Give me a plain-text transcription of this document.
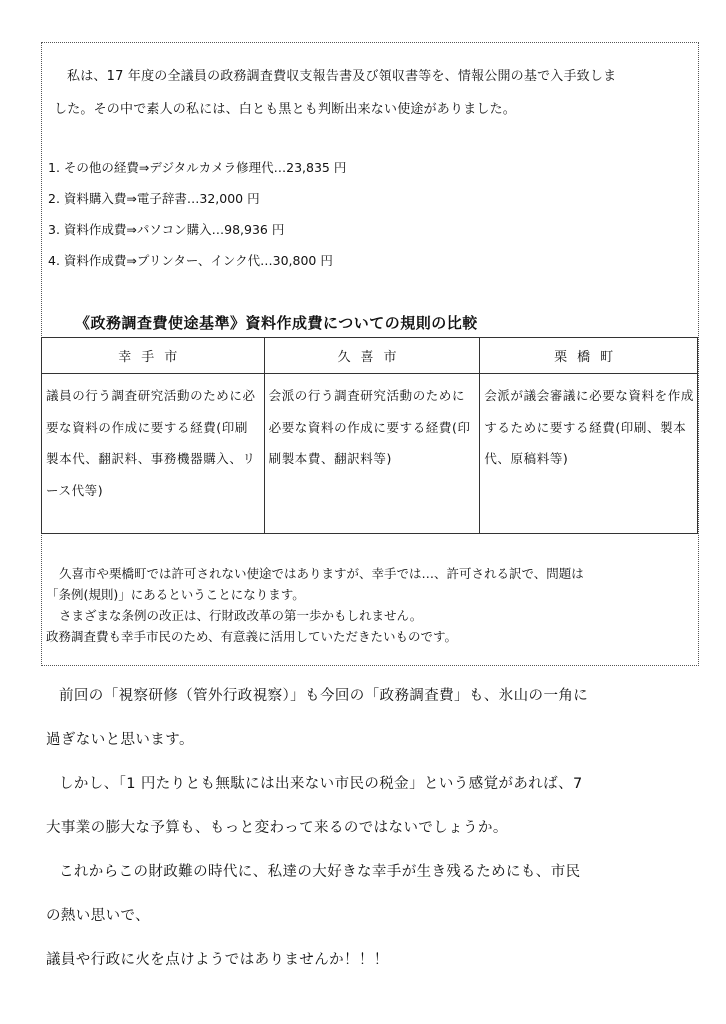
私は、17 年度の全議員の政務調査費収支報告書及び領収書等を、情報公開の基で入手致しま

した。その中で素人の私には、白とも黒とも判断出来ない使途がありました。

1. その他の経費⇒デジタルカメラ修理代…23,835 円
2. 資料購入費⇒電子辞書…32,000 円
3. 資料作成費⇒パソコン購入…98,936 円
4. 資料作成費⇒プリンター、インク代…30,800 円
《政務調査費使途基準》資料作成費についての規則の比較
幸手市	久喜市	栗橋町
議員の行う調査研究活動のために必要な資料の作成に要する経費(印刷製本代、翻訳料、事務機器購入、リース代等)	会派の行う調査研究活動のために必要な資料の作成に要する経費(印刷製本費、翻訳料等)	会派が議会審議に必要な資料を作成するために要する経費(印刷、製本代、原稿料等)

久喜市や栗橋町では許可されない使途ではありますが、幸手では…、許可される訳で、問題は

「条例(規則)」にあるということになります。

さまざまな条例の改正は、行財政改革の第一歩かもしれません。

政務調査費も幸手市民のため、有意義に活用していただきたいものです。

前回の「視察研修（管外行政視察）」も今回の「政務調査費」も、氷山の一角に

過ぎないと思います。

しかし、「1 円たりとも無駄には出来ない市民の税金」という感覚があれば、7

大事業の膨大な予算も、もっと変わって来るのではないでしょうか。

これからこの財政難の時代に、私達の大好きな幸手が生き残るためにも、市民

の熱い思いで、

議員や行政に火を点けようではありませんか！！！
